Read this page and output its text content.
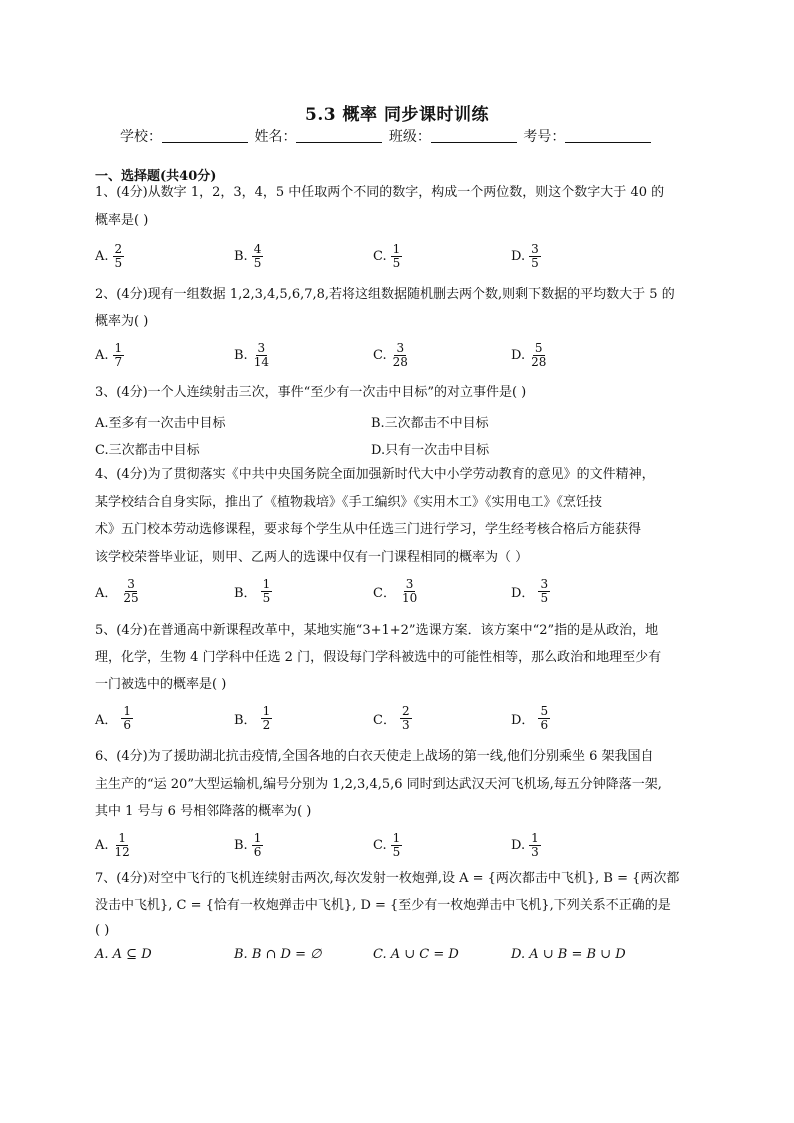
5.3 概率 同步课时训练
学校：	姓名：	班级：	考号：
一、选择题(共40分)
1、(4分)从数字 1，2，3，4，5 中任取两个不同的数字，构成一个两位数，则这个数字大于 40 的
概率是( )
A. $\frac{2}{5}$	B. $\frac{4}{5}$	C. $\frac{1}{5}$	D. $\frac{3}{5}$
2、(4分)现有一组数据 1,2,3,4,5,6,7,8,若将这组数据随机删去两个数,则剩下数据的平均数大于 5 的
概率为( )
A. $\frac{1}{7}$	B. $\frac{3}{14}$	C. $\frac{3}{28}$	D. $\frac{5}{28}$
3、(4分)一个人连续射击三次，事件“至少有一次击中目标”的对立事件是( )
A.至多有一次击中目标	B.三次都击不中目标
C.三次都击中目标	D.只有一次击中目标
4、(4分)为了贯彻落实《中共中央国务院全面加强新时代大中小学劳动教育的意见》的文件精神，
某学校结合自身实际，推出了《植物栽培》《手工编织》《实用木工》《实用电工》《烹饪技
术》五门校本劳动选修课程，要求每个学生从中任选三门进行学习，学生经考核合格后方能获得
该学校荣誉毕业证，则甲、乙两人的选课中仅有一门课程相同的概率为（ ）
A． $\frac{3}{25}$	B． $\frac{1}{5}$	C． $\frac{3}{10}$	D． $\frac{3}{5}$
5、(4分)在普通高中新课程改革中，某地实施“3+1+2”选课方案．该方案中“2”指的是从政治，地
理，化学，生物 4 门学科中任选 2 门，假设每门学科被选中的可能性相等，那么政治和地理至少有
一门被选中的概率是( )
A． $\frac{1}{6}$	B． $\frac{1}{2}$	C． $\frac{2}{3}$	D． $\frac{5}{6}$
6、(4分)为了援助湖北抗击疫情,全国各地的白衣天使走上战场的第一线,他们分别乘坐 6 架我国自
主生产的“运 20”大型运输机,编号分别为 1,2,3,4,5,6 同时到达武汉天河飞机场,每五分钟降落一架,
其中 1 号与 6 号相邻降落的概率为( )
A. $\frac{1}{12}$	B. $\frac{1}{6}$	C. $\frac{1}{5}$	D. $\frac{1}{3}$
7、(4分)对空中飞行的飞机连续射击两次,每次发射一枚炮弹,设 A = {两次都击中飞机}, B = {两次都
没击中飞机}, C = {恰有一枚炮弹击中飞机}, D = {至少有一枚炮弹击中飞机},下列关系不正确的是
( )
A. A ⊆ D	B. B ∩ D = ∅	C. A ∪ C = D	D. A ∪ B = B ∪ D
